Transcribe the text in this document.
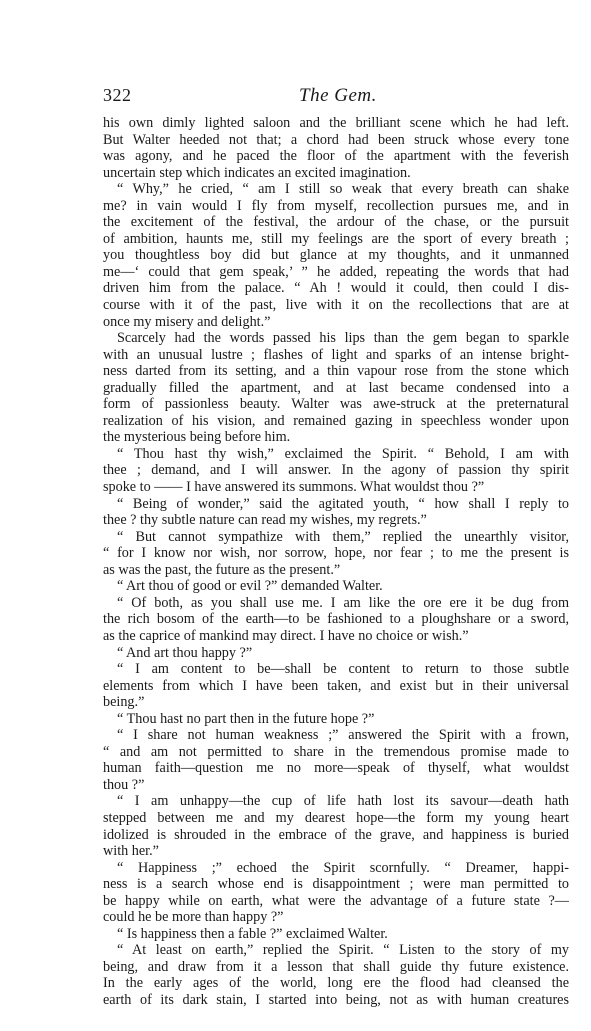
322	The Gem.
his own dimly lighted saloon and the brilliant scene which he had left.
But Walter heeded not that; a chord had been struck whose every tone
was agony, and he paced the floor of the apartment with the feverish
uncertain step which indicates an excited imagination.
“ Why,” he cried, “ am I still so weak that every breath can shake
me? in vain would I fly from myself, recollection pursues me, and in
the excitement of the festival, the ardour of the chase, or the pursuit
of ambition, haunts me, still my feelings are the sport of every breath ;
you thoughtless boy did but glance at my thoughts, and it unmanned
me—‘ could that gem speak,’ ” he added, repeating the words that had
driven him from the palace. “ Ah ! would it could, then could I dis-
course with it of the past, live with it on the recollections that are at
once my misery and delight.”
Scarcely had the words passed his lips than the gem began to sparkle
with an unusual lustre ; flashes of light and sparks of an intense bright-
ness darted from its setting, and a thin vapour rose from the stone which
gradually filled the apartment, and at last became condensed into a
form of passionless beauty. Walter was awe-struck at the preternatural
realization of his vision, and remained gazing in speechless wonder upon
the mysterious being before him.
“ Thou hast thy wish,” exclaimed the Spirit. “ Behold, I am with
thee ; demand, and I will answer. In the agony of passion thy spirit
spoke to —— I have answered its summons. What wouldst thou ?”
“ Being of wonder,” said the agitated youth, “ how shall I reply to
thee ? thy subtle nature can read my wishes, my regrets.”
“ But cannot sympathize with them,” replied the unearthly visitor,
“ for I know nor wish, nor sorrow, hope, nor fear ; to me the present is
as was the past, the future as the present.”
“ Art thou of good or evil ?” demanded Walter.
“ Of both, as you shall use me. I am like the ore ere it be dug from
the rich bosom of the earth—to be fashioned to a ploughshare or a sword,
as the caprice of mankind may direct. I have no choice or wish.”
“ And art thou happy ?”
“ I am content to be—shall be content to return to those subtle
elements from which I have been taken, and exist but in their universal
being.”
“ Thou hast no part then in the future hope ?”
“ I share not human weakness ;” answered the Spirit with a frown,
“ and am not permitted to share in the tremendous promise made to
human faith—question me no more—speak of thyself, what wouldst
thou ?”
“ I am unhappy—the cup of life hath lost its savour—death hath
stepped between me and my dearest hope—the form my young heart
idolized is shrouded in the embrace of the grave, and happiness is buried
with her.”
“ Happiness ;” echoed the Spirit scornfully. “ Dreamer, happi-
ness is a search whose end is disappointment ; were man permitted to
be happy while on earth, what were the advantage of a future state ?—
could he be more than happy ?”
“ Is happiness then a fable ?” exclaimed Walter.
“ At least on earth,” replied the Spirit. “ Listen to the story of my
being, and draw from it a lesson that shall guide thy future existence.
In the early ages of the world, long ere the flood had cleansed the
earth of its dark stain, I started into being, not as with human creatures
